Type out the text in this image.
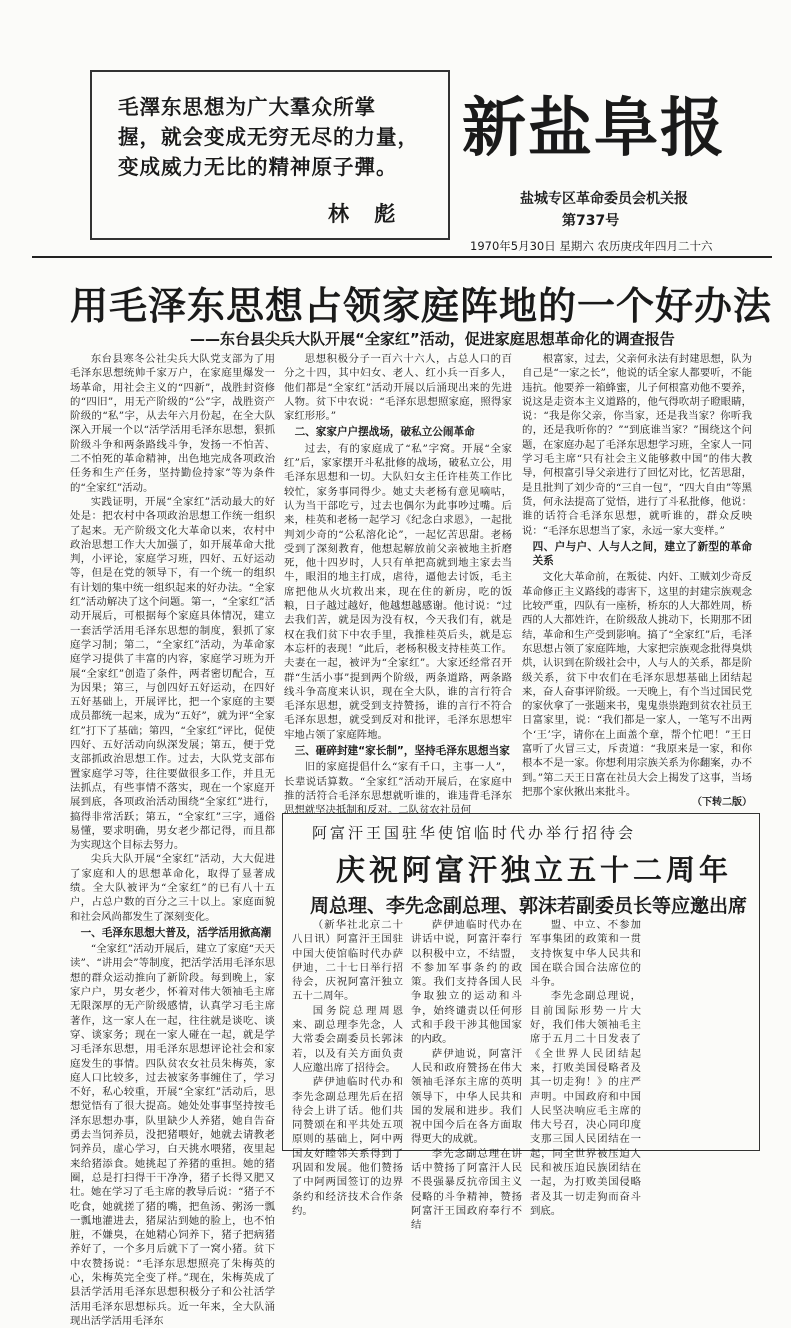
毛澤东思想为广大羣众所掌
握，就会变成无穷无尽的力量，
变成威力无比的精神原子彈。
林 彪
新盐阜报
盐城专区革命委员会机关报
第737号
1970年5月30日 星期六 农历庚戌年四月二十六
用毛泽东思想占领家庭阵地的一个好办法
——东台县尖兵大队开展“全家红”活动，促进家庭思想革命化的调查报告

东台县寒冬公社尖兵大队党支部为了用毛泽东思想统帅千家万户，在家庭里爆发一场革命，用社会主义的“四新”，战胜封资修的“四旧”，用无产阶级的“公”字，战胜资产阶级的“私”字，从去年六月份起，在全大队深入开展一个以“活学活用毛泽东思想，狠抓阶级斗争和两条路线斗争，发扬一不怕苦、二不怕死的革命精神，出色地完成各项政治任务和生产任务，坚持勤俭持家”等为条件的“全家红”活动。

实践证明，开展“全家红”活动最大的好处是：把农村中各项政治思想工作统一组织了起来。无产阶级文化大革命以来，农村中政治思想工作大大加强了，如开展革命大批判，小评论，家庭学习班，四好、五好运动等，但是在党的领导下，有一个统一的组织有计划的集中统一组织起来的好办法。“全家红”活动解决了这个问题。第一，“全家红”活动开展后，可根据每个家庭具体情况，建立一套活学活用毛泽东思想的制度，狠抓了家庭学习制；第二，“全家红”活动，为革命家庭学习提供了丰富的内容，家庭学习班为开展“全家红”创造了条件，两者密切配合，互为因果；第三，与创四好五好运动，在四好五好基础上，开展评比，把一个家庭的主要成员都统一起来，成为“五好”，就为评“全家红”打下了基础；第四，“全家红”评比，促使四好、五好活动向纵深发展；第五，便于党支部抓政治思想工作。过去，大队党支部布置家庭学习等，往往要做很多工作，并且无法抓点，有些事情不落实，现在一个家庭开展到底，各项政治活动围绕“全家红”进行，搞得非常活跃；第五，“全家红”三字，通俗易懂，要求明确，男女老少都记得，而且都为实现这个目标去努力。

尖兵大队开展“全家红”活动，大大促进了家庭和人的思想革命化，取得了显著成绩。全大队被评为“全家红”的已有八十五户，占总户数的百分之三十以上。家庭面貌和社会风尚都发生了深刻变化。

一、毛泽东思想大普及，活学活用掀高潮

“全家红”活动开展后，建立了家庭“天天读”、“讲用会”等制度，把活学活用毛泽东思想的群众运动推向了新阶段。每到晚上，家家户户，男女老少，怀着对伟大领袖毛主席无限深厚的无产阶级感情，认真学习毛主席著作，这一家人在一起，往往就是谈吃、谈穿、谈家务；现在一家人碰在一起，就是学习毛泽东思想，用毛泽东思想评论社会和家庭发生的事情。四队贫农女社员朱梅英，家庭人口比较多，过去被家务事缠住了，学习不好，私心较重，开展“全家红”活动后，思想觉悟有了很大提高。她处处事事坚持按毛泽东思想办事，队里缺少人养猪，她自告奋勇去当饲养员，没把猪喂好，她就去请教老饲养员，虚心学习，白天挑水喂猪，夜里起来给猪添食。她挑起了养猪的重担。她的猪圈，总是打扫得干干净净，猪子长得又肥又壮。她在学习了毛主席的教导后说：“猪子不吃食，她就搓了猪的嘴，把鱼汤、粥汤一瓢一瓢地灌进去，猪屎沾到她的脸上，也不怕脏，不嫌臭，在她精心饲养下，猪子把病猪养好了，一个多月后就下了一窝小猪。贫下中农赞扬说：“毛泽东思想照亮了朱梅英的心，朱梅英完全变了样。”现在，朱梅英成了县活学活用毛泽东思想积极分子和公社活学活用毛泽东思想标兵。近一年来，全大队涌现出活学活用毛泽东

思想积极分子一百六十六人，占总人口的百分之十四，其中妇女、老人、红小兵一百多人，他们都是“全家红”活动开展以后涌现出来的先进人物。贫下中农说：“毛泽东思想照家庭，照得家家红形形。”

二、家家户户摆战场，破私立公闹革命

过去，有的家庭成了“私”字窝。开展“全家红”后，家家摆开斗私批修的战场，破私立公，用毛泽东思想和一切。大队妇女主任许桂英工作比较忙，家务事同得少。她丈夫老杨有意见嘀咕，认为当干部吃亏，过去也偶尔为此事吵过嘴。后来，桂英和老杨一起学习《纪念白求恩》，一起批判刘少奇的“公私溶化论”，一起忆苦思甜。老杨受到了深刻教育，他想起解放前父亲被地主折磨死，他十四岁时，人只有单把高就到地主家去当牛，眼泪的地主打成，虐待，逼他去讨饭，毛主席把他从火坑救出来，现在住的新房，吃的饭粮，日子越过越好，他越想越感谢。他讨说：“过去我们苦，就是因为没有权，今天我们有，就是权在我们贫下中农手里，我推桂英后头，就是忘本忘杆的表现！”此后，老杨积极支持桂英工作。夫妻在一起，被评为“全家红”。大家还经常召开群“生活小事”提到两个阶级，两条道路，两条路线斗争高度来认识，现在全大队，谁的言行符合毛泽东思想，就受到支持赞扬，谁的言行不符合毛泽东思想，就受到反对和批评，毛泽东思想牢牢地占领了家庭阵地。

三、砸碎封建“家长制”，坚持毛泽东思想当家

旧的家庭提倡什么“家有千口，主事一人”，长辈说话算数。“全家红”活动开展后，在家庭中推的活符合毛泽东思想就听谁的，谁违背毛泽东思想就坚决抵制和反对。二队贫农社员何

根富家，过去，父亲何永法有封建思想，队为自己是“一家之长”，他说的话全家人都要听，不能违抗。他要养一箱蜂蜜，儿子何根富劝他不要养，说这是走资本主义道路的，他气得吹胡子瞪眼睛，说：“我是你父亲，你当家，还是我当家？你听我的，还是我听你的？”“到底谁当家？”围绕这个问题，在家庭办起了毛泽东思想学习班，全家人一同学习毛主席“只有社会主义能够救中国”的伟大教导，何根富引导父亲进行了回忆对比，忆苦思甜，是且批判了刘少奇的“三自一包”，“四大自由”等黑货，何永法提高了觉悟，进行了斗私批修，他说：谁的话符合毛泽东思想，就听谁的，群众反映说：“毛泽东思想当了家，永远一家大变样。”

四、户与户、人与人之间，建立了新型的革命关系

文化大革命前，在叛徒、内奸、工贼刘少奇反革命修正主义路线的毒害下，这里的封建宗族观念比较严重，四队有一座桥，桥东的人大都姓周，桥西的人大都姓许，在阶级敌人挑动下，长期那不团结，革命和生产受到影响。搞了“全家红”后，毛泽东思想占领了家庭阵地，大家把宗族观念批得臭烘烘，认识到在阶级社会中，人与人的关系，都是阶级关系，贫下中农们在毛泽东思想基础上团结起来，奋人奋事评阶级。一天晚上，有个当过国民党的家伙拿了一张题来书，鬼鬼祟祟跑到贫农社员王日富家里，说：“我们都是一家人，一笔写不出两个‘王’字，请你在上面盖个章，帮个忙吧！”王日富听了火冒三丈，斥责道：“我原来是一家，和你根本不是一家。你想利用宗族关系为你翻案，办不到。”第二天王日富在社员大会上揭发了这事，当场把那个家伙揪出来批斗。

（下转二版）
阿富汗王国驻华使馆临时代办举行招待会
庆祝阿富汗独立五十二周年
周总理、李先念副总理、郭沫若副委员长等应邀出席

（新华社北京二十八日讯）阿富汗王国驻中国大使馆临时代办萨伊迪，二十七日举行招待会，庆祝阿富汗独立五十二周年。

国务院总理周恩来、副总理李先念，人大常委会副委员长郭沫若，以及有关方面负责人应邀出席了招待会。

萨伊迪临时代办和李先念副总理先后在招待会上讲了话。他们共同赞颂在和平共处五项原则的基础上，阿中两国友好睦邻关系得到了巩固和发展。他们赞扬了中阿两国签订的边界条约和经济技术合作条约。

萨伊迪临时代办在讲话中说，阿富汗奉行以积极中立，不结盟，不参加军事条约的政策。我们支持各国人民争取独立的运动和斗争，始终谴责以任何形式和手段干涉其他国家的内政。

萨伊迪说，阿富汗人民和政府赞扬在伟大领袖毛泽东主席的英明领导下，中华人民共和国的发展和进步。我们祝中国今后在各方面取得更大的成就。

李先念副总理在讲话中赞扬了阿富汗人民不畏强暴反抗帝国主义侵略的斗争精神，赞扬阿富汗王国政府奉行不结

盟、中立、不参加军事集团的政策和一贯支持恢复中华人民共和国在联合国合法席位的斗争。

李先念副总理说，目前国际形势一片大好，我们伟大领袖毛主席于五月二十日发表了《全世界人民团结起来，打败美国侵略者及其一切走狗！》的庄严声明。中国政府和中国人民坚决响应毛主席的伟大号召，决心同印度支那三国人民团结在一起，同全世界被压迫人民和被压迫民族团结在一起，为打败美国侵略者及其一切走狗而奋斗到底。
